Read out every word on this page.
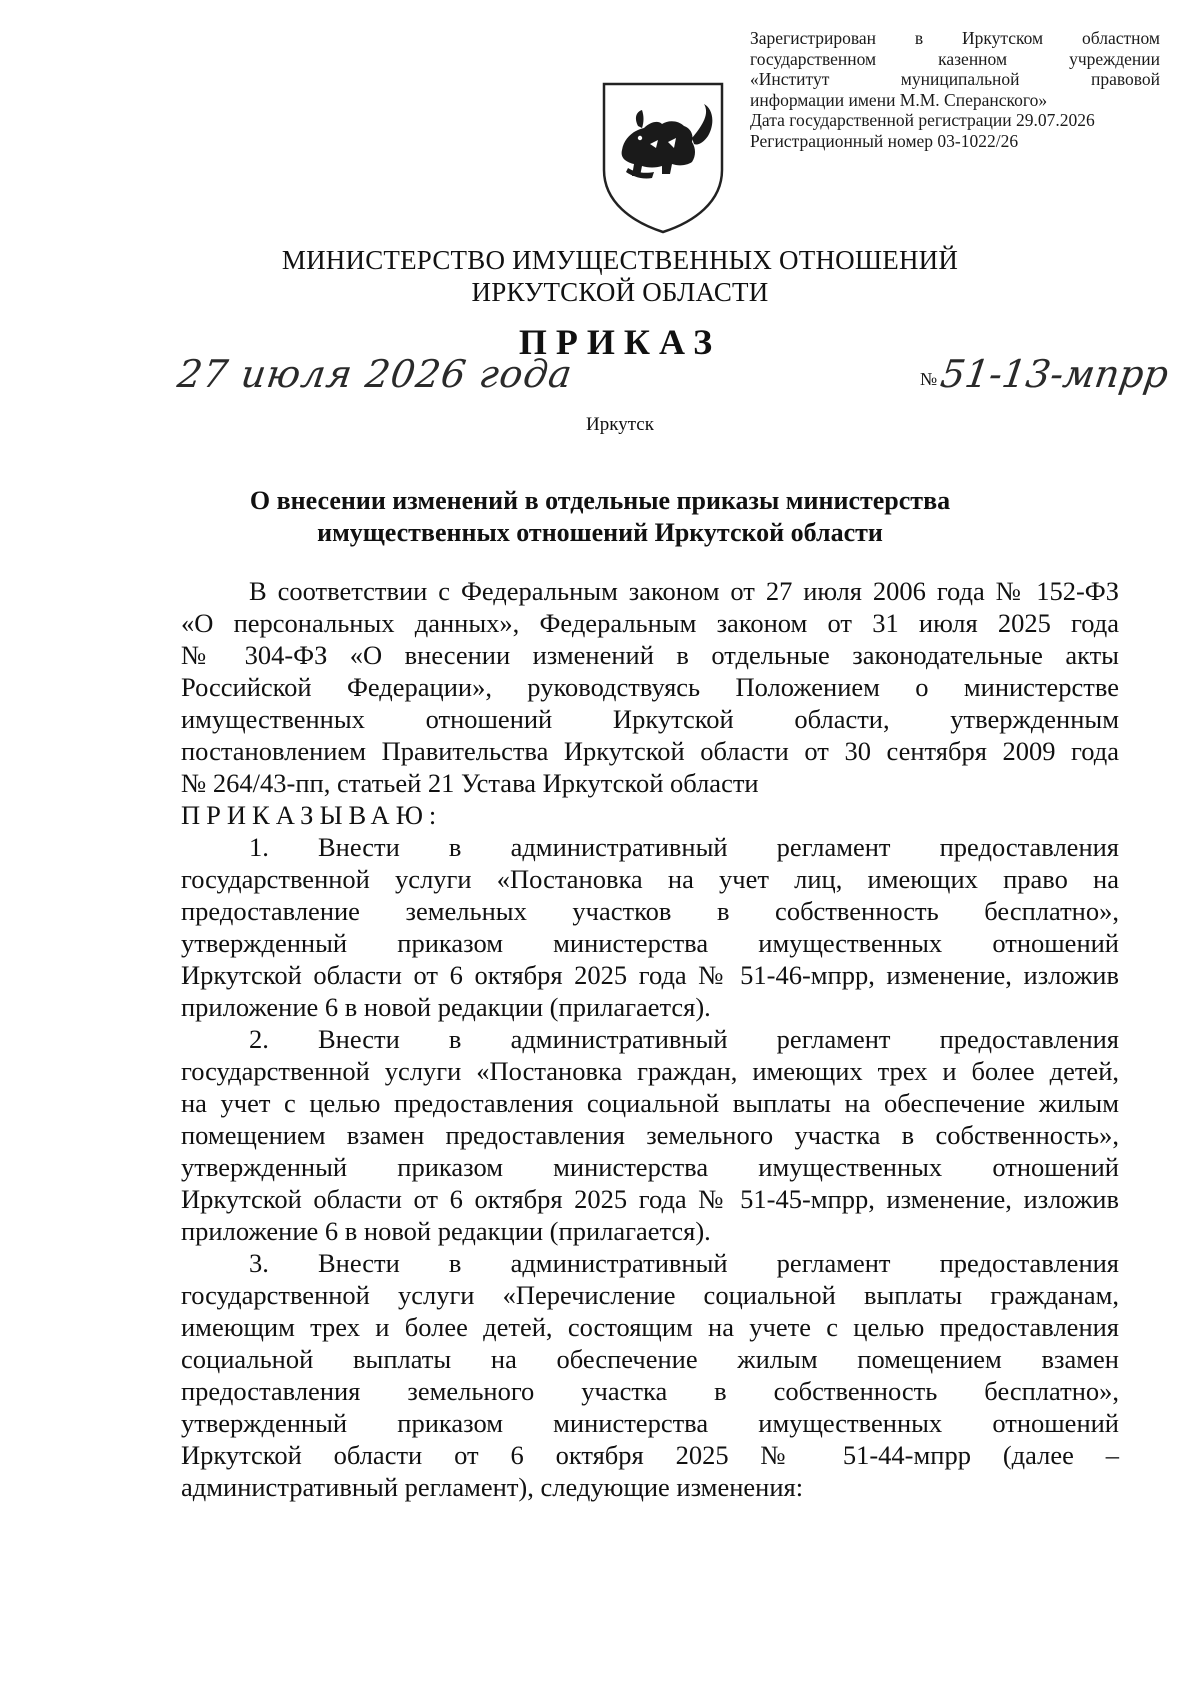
Зарегистрирован в Иркутском областном
государственном казенном учреждении
«Институт муниципальной правовой
информации имени М.М. Сперанского»
Дата государственной регистрации 29.07.2026
Регистрационный номер 03-1022/26
МИНИСТЕРСТВО ИМУЩЕСТВЕННЫХ ОТНОШЕНИЙ
ИРКУТСКОЙ ОБЛАСТИ
ПРИКАЗ
27 июля 2026 года	№ 51-13-мпрр
Иркутск
О внесении изменений в отдельные приказы министерства
имущественных отношений Иркутской области
В соответствии с Федеральным законом от 27 июля 2006 года № 152-ФЗ
«О персональных данных», Федеральным законом от 31 июля 2025 года
№ 304-ФЗ «О внесении изменений в отдельные законодательные акты
Российской Федерации», руководствуясь Положением о министерстве
имущественных отношений Иркутской области, утвержденным
постановлением Правительства Иркутской области от 30 сентября 2009 года
№ 264/43-пп, статьей 21 Устава Иркутской области
ПРИКАЗЫВАЮ:
1. Внести в административный регламент предоставления
государственной услуги «Постановка на учет лиц, имеющих право на
предоставление земельных участков в собственность бесплатно»,
утвержденный приказом министерства имущественных отношений
Иркутской области от 6 октября 2025 года № 51-46-мпрр, изменение, изложив
приложение 6 в новой редакции (прилагается).
2. Внести в административный регламент предоставления
государственной услуги «Постановка граждан, имеющих трех и более детей,
на учет с целью предоставления социальной выплаты на обеспечение жилым
помещением взамен предоставления земельного участка в собственность»,
утвержденный приказом министерства имущественных отношений
Иркутской области от 6 октября 2025 года № 51-45-мпрр, изменение, изложив
приложение 6 в новой редакции (прилагается).
3. Внести в административный регламент предоставления
государственной услуги «Перечисление социальной выплаты гражданам,
имеющим трех и более детей, состоящим на учете с целью предоставления
социальной выплаты на обеспечение жилым помещением взамен
предоставления земельного участка в собственность бесплатно»,
утвержденный приказом министерства имущественных отношений
Иркутской области от 6 октября 2025 № 51-44-мпрр (далее –
административный регламент), следующие изменения:
